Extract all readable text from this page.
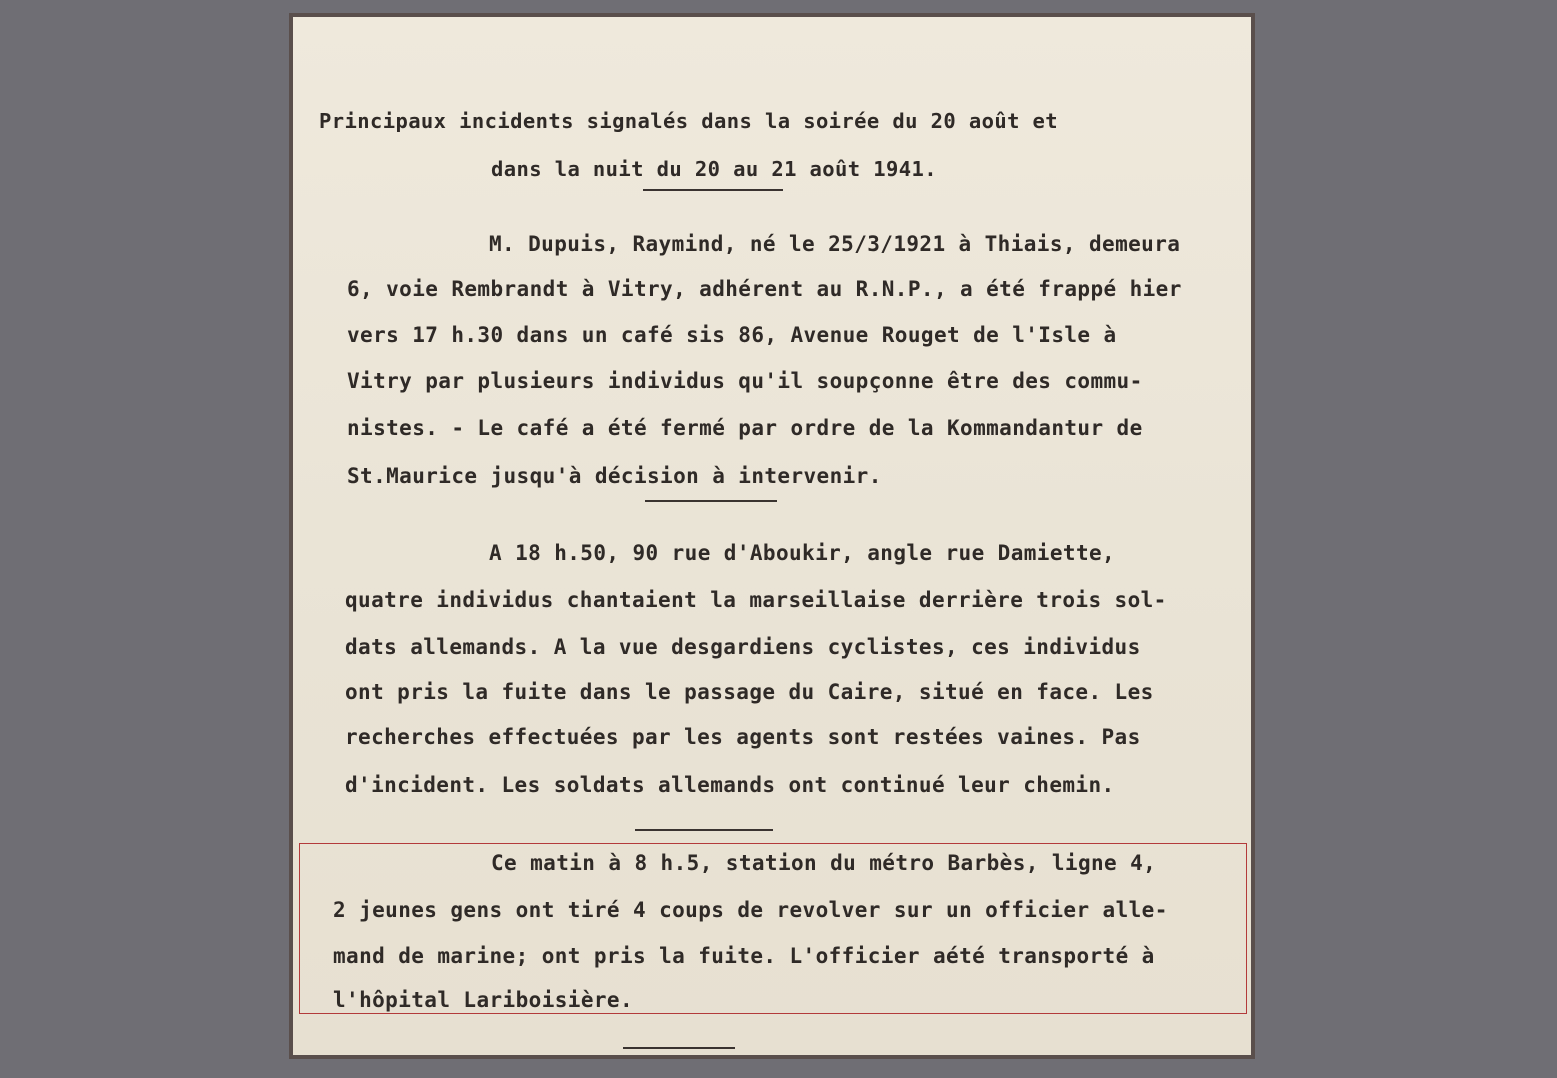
Principaux incidents signalés dans la soirée du 20 août et
dans la nuit du 20 au 21 août 1941.
M. Dupuis, Raymind, né le 25/3/1921 à Thiais, demeura
6, voie Rembrandt à Vitry, adhérent au R.N.P., a été frappé hier
vers 17 h.30 dans un café sis 86, Avenue Rouget de l'Isle à
Vitry par plusieurs individus qu'il soupçonne être des commu-
nistes. - Le café a été fermé par ordre de la Kommandantur de
St.Maurice jusqu'à décision à intervenir.
A 18 h.50, 90 rue d'Aboukir, angle rue Damiette,
quatre individus chantaient la marseillaise derrière trois sol-
dats allemands. A la vue desgardiens cyclistes, ces individus
ont pris la fuite dans le passage du Caire, situé en face. Les
recherches effectuées par les agents sont restées vaines. Pas
d'incident. Les soldats allemands ont continué leur chemin.
Ce matin à 8 h.5, station du métro Barbès, ligne 4,
2 jeunes gens ont tiré 4 coups de revolver sur un officier alle-
mand de marine; ont pris la fuite. L'officier aété transporté à
l'hôpital Lariboisière.
